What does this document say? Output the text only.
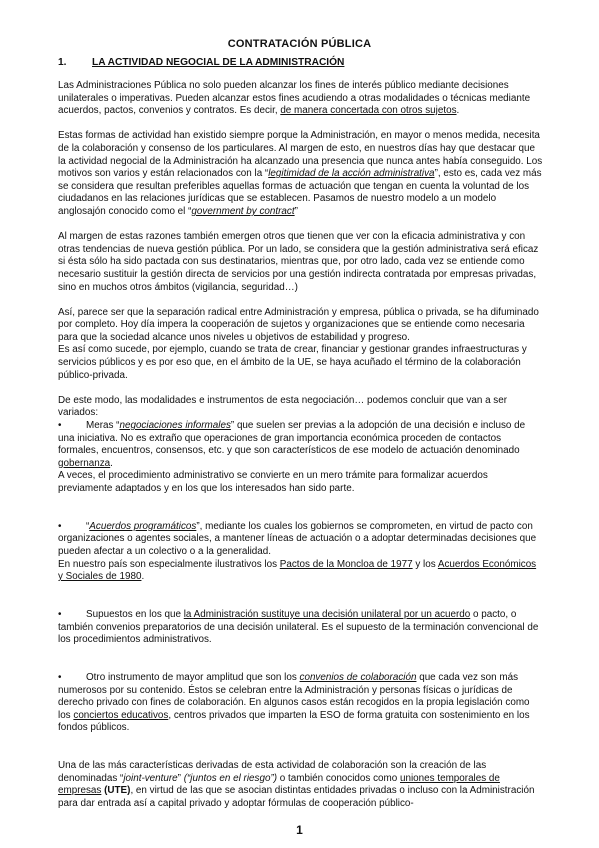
CONTRATACIÓN PÚBLICA
1.	LA ACTIVIDAD NEGOCIAL DE LA ADMINISTRACIÓN

Las Administraciones Pública no solo pueden alcanzar los fines de interés público mediante decisiones unilaterales o imperativas. Pueden alcanzar estos fines acudiendo a otras modalidades o técnicas mediante acuerdos, pactos, convenios y contratos. Es decir, de manera concertada con otros sujetos.

Estas formas de actividad han existido siempre porque la Administración, en mayor o menos medida, necesita de la colaboración y consenso de los particulares. Al margen de esto, en nuestros días hay que destacar que la actividad negocial de la Administración ha alcanzado una presencia que nunca antes había conseguido. Los motivos son varios y están relacionados con la “legitimidad de la acción administrativa”, esto es, cada vez más se considera que resultan preferibles aquellas formas de actuación que tengan en cuenta la voluntad de los ciudadanos en las relaciones jurídicas que se establecen. Pasamos de nuestro modelo a un modelo anglosajón conocido como el “government by contract”

Al margen de estas razones también emergen otros que tienen que ver con la eficacia administrativa y con otras tendencias de nueva gestión pública. Por un lado, se considera que la gestión administrativa será eficaz si ésta sólo ha sido pactada con sus destinatarios, mientras que, por otro lado, cada vez se entiende como necesario sustituir la gestión directa de servicios por una gestión indirecta contratada por empresas privadas, sino en muchos otros ámbitos (vigilancia, seguridad…)

Así, parece ser que la separación radical entre Administración y empresa, pública o privada, se ha difuminado por completo. Hoy día impera la cooperación de sujetos y organizaciones que se entiende como necesaria para que la sociedad alcance unos niveles u objetivos de estabilidad y progreso.
Es así como sucede, por ejemplo, cuando se trata de crear, financiar y gestionar grandes infraestructuras y servicios públicos y es por eso que, en el ámbito de la UE, se haya acuñado el término de la colaboración público-privada.

De este modo, las modalidades e instrumentos de esta negociación… podemos concluir que van a ser variados:

• Meras “negociaciones informales” que suelen ser previas a la adopción de una decisión e incluso de una iniciativa. No es extraño que operaciones de gran importancia económica proceden de contactos formales, encuentros, consensos, etc. y que son característicos de ese modelo de actuación denominado gobernanza.
A veces, el procedimiento administrativo se convierte en un mero trámite para formalizar acuerdos previamente adaptados y en los que los interesados han sido parte.

• “Acuerdos programáticos”, mediante los cuales los gobiernos se comprometen, en virtud de pacto con organizaciones o agentes sociales, a mantener líneas de actuación o a adoptar determinadas decisiones que pueden afectar a un colectivo o a la generalidad.
En nuestro país son especialmente ilustrativos los Pactos de la Moncloa de 1977 y los Acuerdos Económicos y Sociales de 1980.

• Supuestos en los que la Administración sustituye una decisión unilateral por un acuerdo o pacto, o también convenios preparatorios de una decisión unilateral. Es el supuesto de la terminación convencional de los procedimientos administrativos.

• Otro instrumento de mayor amplitud que son los convenios de colaboración que cada vez son más numerosos por su contenido. Éstos se celebran entre la Administración y personas físicas o jurídicas de derecho privado con fines de colaboración. En algunos casos están recogidos en la propia legislación como los conciertos educativos, centros privados que imparten la ESO de forma gratuita con sostenimiento en los fondos públicos.

Una de las más características derivadas de esta actividad de colaboración son la creación de las denominadas “joint-venture” (“juntos en el riesgo”) o también conocidos como uniones temporales de empresas (UTE), en virtud de las que se asocian distintas entidades privadas o incluso con la Administración para dar entrada así a capital privado y adoptar fórmulas de cooperación público-

1
